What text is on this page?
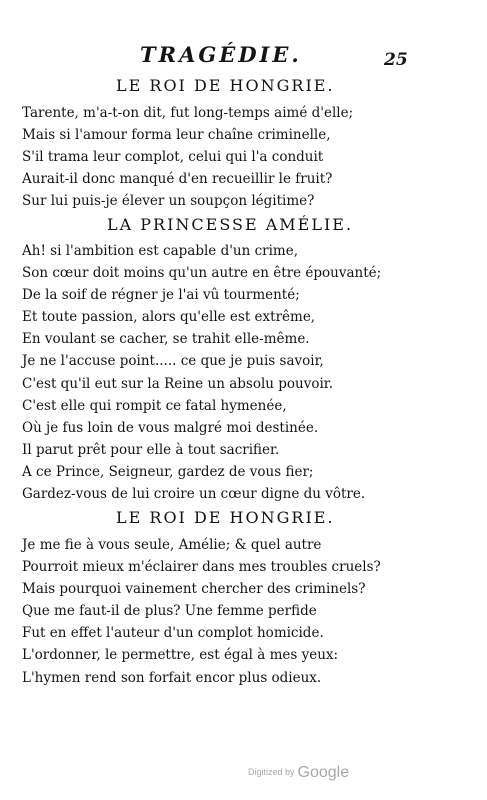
TRAGÉDIE.	25
LE ROI DE HONGRIE.
Tarente, m'a-t-on dit, fut long-temps aimé d'elle;
Mais si l'amour forma leur chaîne criminelle,
S'il trama leur complot, celui qui l'a conduit
Aurait-il donc manqué d'en recueillir le fruit?
Sur lui puis-je élever un soupçon légitime?
LA PRINCESSE AMÉLIE.
Ah! si l'ambition est capable d'un crime,
Son cœur doit moins qu'un autre en être épouvanté;
De la soif de régner je l'ai vû tourmenté;
Et toute passion, alors qu'elle est extrême,
En voulant se cacher, se trahit elle-même.
Je ne l'accuse point..... ce que je puis savoir,
C'est qu'il eut sur la Reine un absolu pouvoir.
C'est elle qui rompit ce fatal hymenée,
Où je fus loin de vous malgré moi destinée.
Il parut prêt pour elle à tout sacrifier.
A ce Prince, Seigneur, gardez de vous fier;
Gardez-vous de lui croire un cœur digne du vôtre.
LE ROI DE HONGRIE.
Je me fie à vous seule, Amélie; & quel autre
Pourroit mieux m'éclairer dans mes troubles cruels?
Mais pourquoi vainement chercher des criminels?
Que me faut-il de plus? Une femme perfide
Fut en effet l'auteur d'un complot homicide.
L'ordonner, le permettre, est égal à mes yeux:
L'hymen rend son forfait encor plus odieux.
Digitized by Google
